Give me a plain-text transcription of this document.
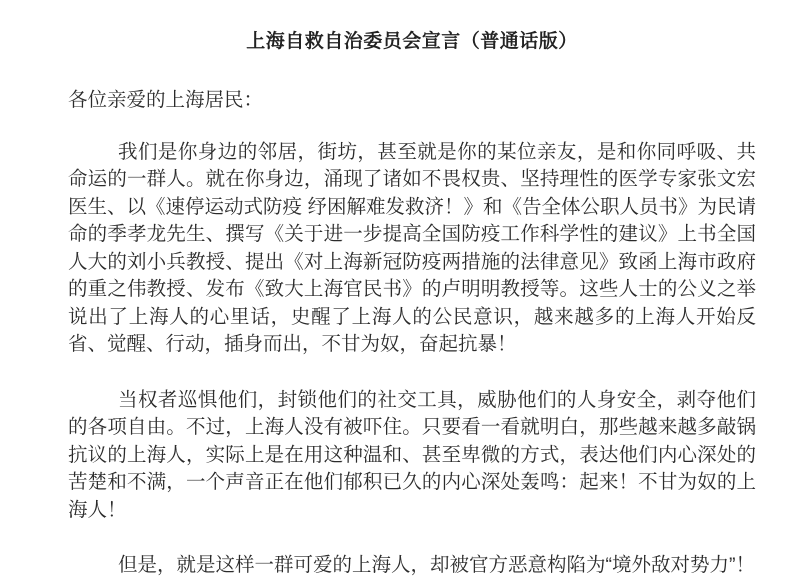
上海自救自治委员会宣言（普通话版）

各位亲爱的上海居民：

我们是你身边的邻居，街坊，甚至就是你的某位亲友，是和你同呼吸、共命运的一群人。就在你身边，涌现了诸如不畏权贵、坚持理性的医学专家张文宏医生、以《速停运动式防疫 纾困解难发救济！》和《告全体公职人员书》为民请命的季孝龙先生、撰写《关于进一步提高全国防疫工作科学性的建议》上书全国人大的刘小兵教授、提出《对上海新冠防疫两措施的法律意见》致函上海市政府的重之伟教授、发布《致大上海官民书》的卢明明教授等。这些人士的公义之举说出了上海人的心里话，史醒了上海人的公民意识，越来越多的上海人开始反省、觉醒、行动，插身而出，不甘为奴，奋起抗暴！

当权者巡惧他们，封锁他们的社交工具，威胁他们的人身安全，剥夺他们的各项自由。不过，上海人没有被吓住。只要看一看就明白，那些越来越多敲锅抗议的上海人，实际上是在用这种温和、甚至卑微的方式，表达他们内心深处的苦楚和不满，一个声音正在他们郁积已久的内心深处轰鸣：起来！不甘为奴的上海人！

但是，就是这样一群可爱的上海人，却被官方恶意构陷为“境外敌对势力”！
